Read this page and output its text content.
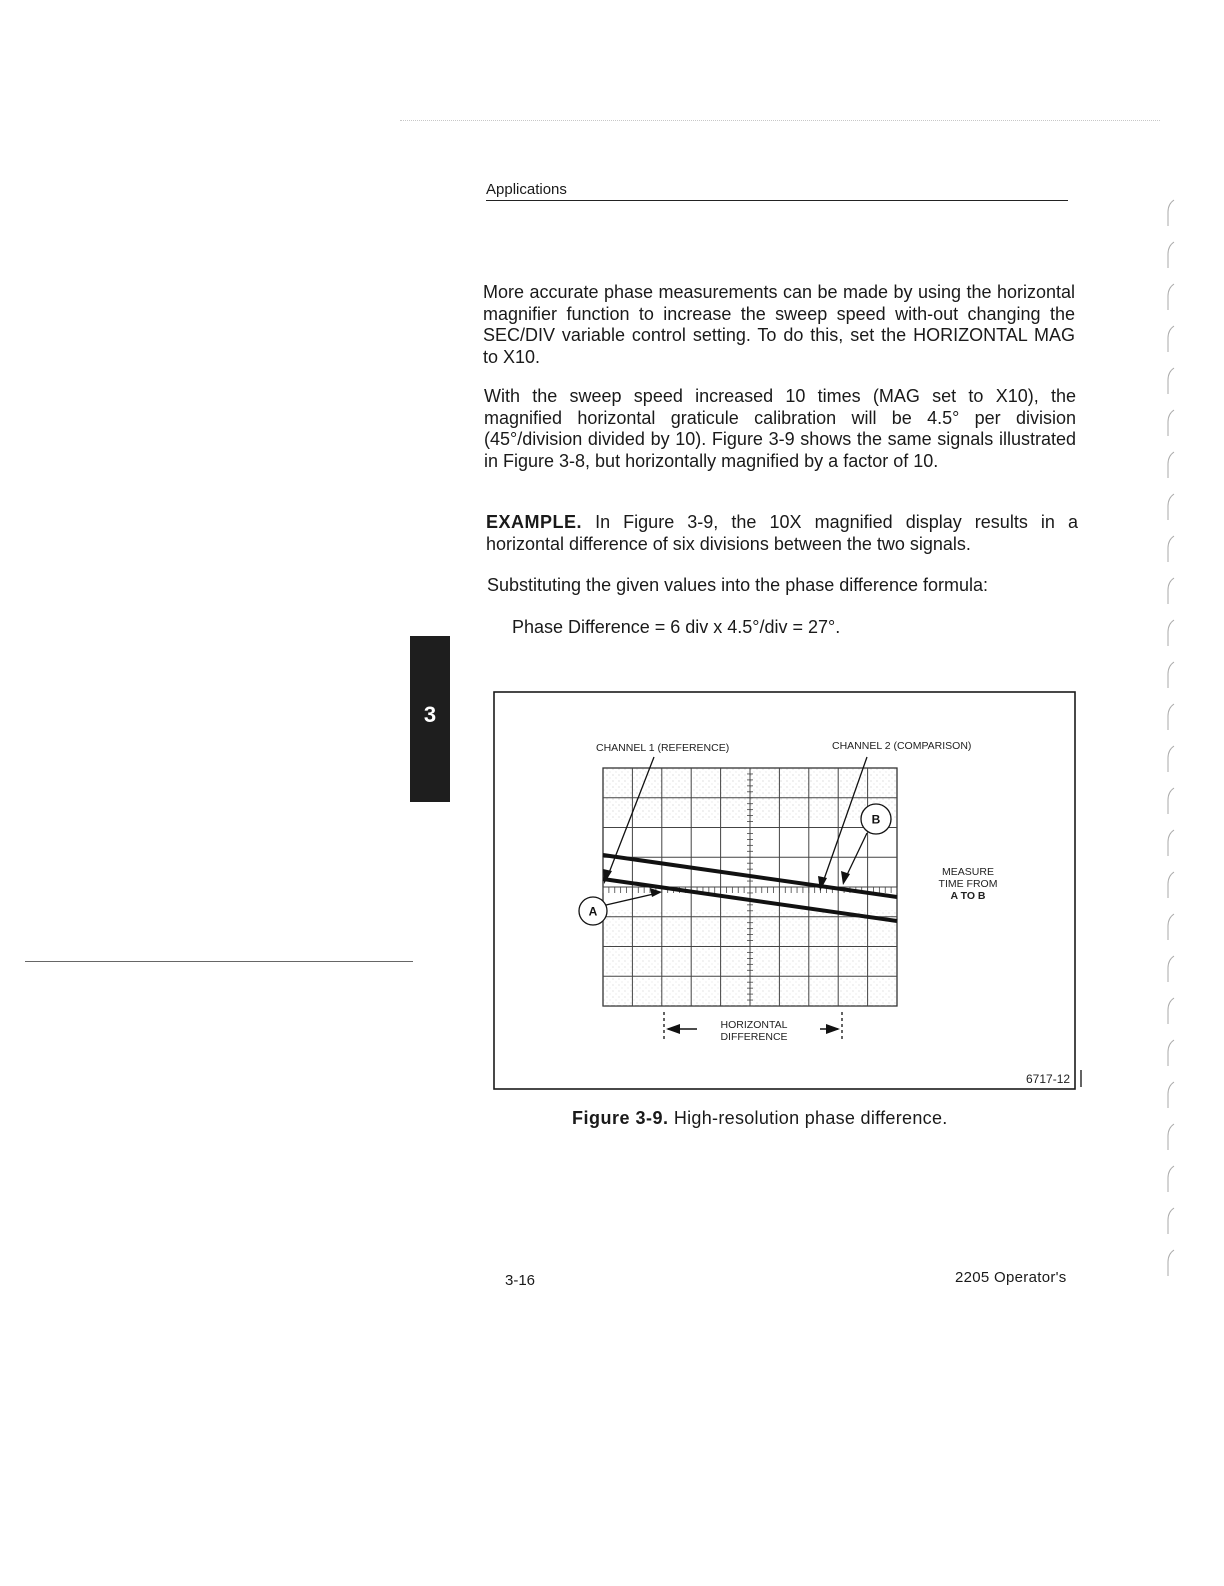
Applications

More accurate phase measurements can be made by using the horizontal magnifier function to increase the sweep speed with-out changing the SEC/DIV variable control setting. To do this, set the HORIZONTAL MAG to X10.

With the sweep speed increased 10 times (MAG set to X10), the magnified horizontal graticule calibration will be 4.5° per division (45°/division divided by 10). Figure 3-9 shows the same signals illustrated in Figure 3-8, but horizontally magnified by a factor of 10.

EXAMPLE. In Figure 3-9, the 10X magnified display results in a horizontal difference of six divisions between the two signals.

Substituting the given values into the phase difference formula:

Phase Difference = 6 div x 4.5°/div = 27°.
3
A
B
CHANNEL 1 (REFERENCE)	CHANNEL 2 (COMPARISON)
MEASURE
TIME FROM
A TO B
HORIZONTAL
DIFFERENCE
6717-12
Figure 3-9. High-resolution phase difference.
3-16	2205 Operator's
